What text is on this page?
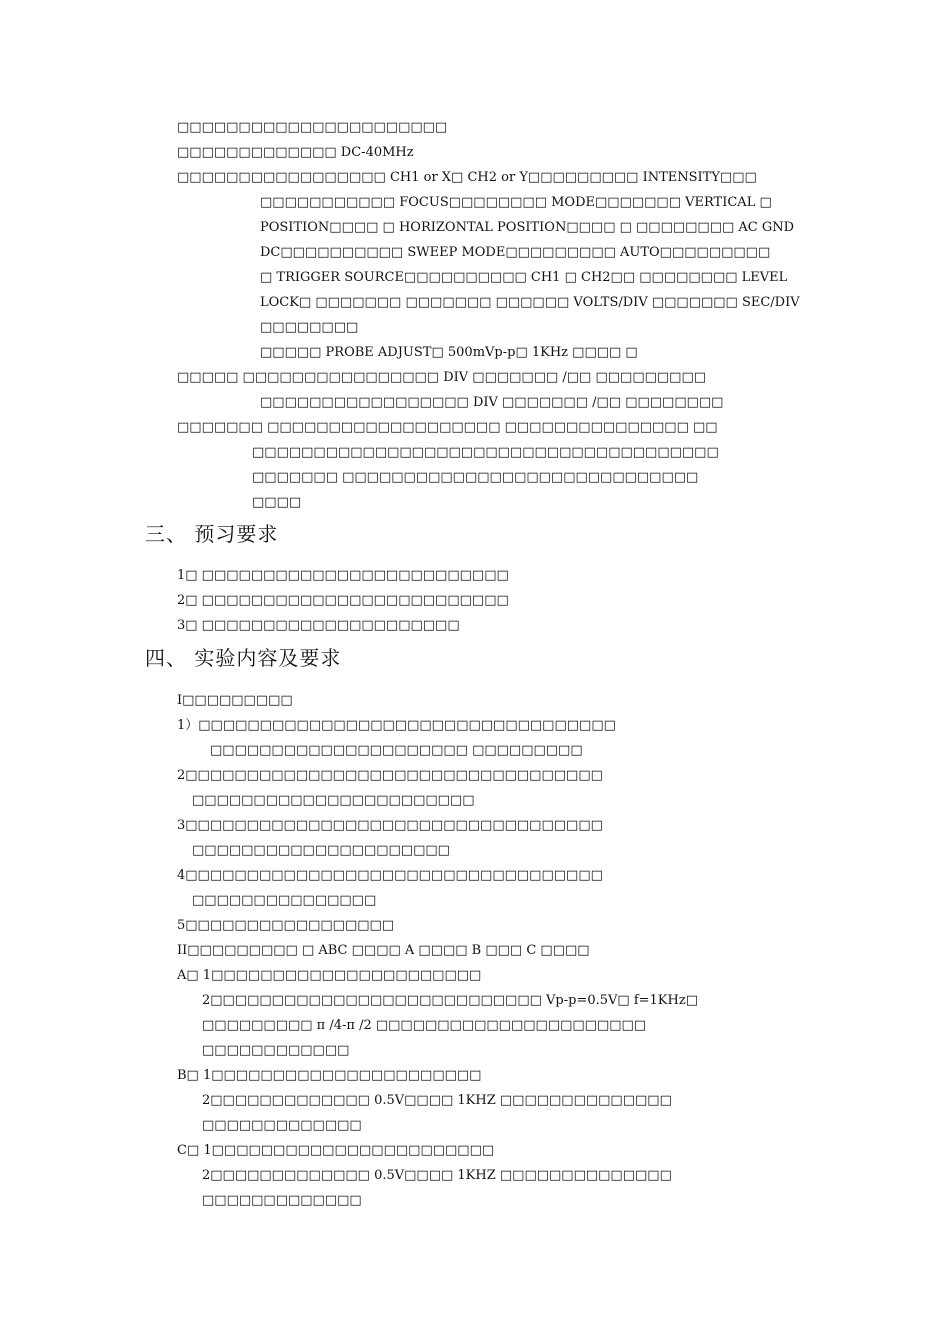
□□□□□□□□□□□□□□□□□□□□□□
□□□□□□□□□□□□□ DC-40MHz
□□□□□□□□□□□□□□□□□ CH1 or X□ CH2 or Y□□□□□□□□□ INTENSITY□□□
□□□□□□□□□□□ FOCUS□□□□□□□□ MODE□□□□□□□ VERTICAL □
POSITION□□□□ □ HORIZONTAL POSITION□□□□ □ □□□□□□□□ AC GND
DC□□□□□□□□□□ SWEEP MODE□□□□□□□□□ AUTO□□□□□□□□□
□ TRIGGER SOURCE□□□□□□□□□□ CH1 □ CH2□□ □□□□□□□□ LEVEL
LOCK□ □□□□□□□ □□□□□□□ □□□□□□ VOLTS/DIV □□□□□□□ SEC/DIV
□□□□□□□□
□□□□□ PROBE ADJUST□ 500mVp-p□ 1KHz □□□□ □
□□□□□ □□□□□□□□□□□□□□□□ DIV □□□□□□□ /□□ □□□□□□□□□
□□□□□□□□□□□□□□□□□ DIV □□□□□□□ /□□ □□□□□□□□
□□□□□□□ □□□□□□□□□□□□□□□□□□□ □□□□□□□□□□□□□□□ □□
□□□□□□□□□□□□□□□□□□□□□□□□□□□□□□□□□□□□□□
□□□□□□□ □□□□□□□□□□□□□□□□□□□□□□□□□□□□□
□□□□
三、 预习要求
1□ □□□□□□□□□□□□□□□□□□□□□□□□□
2□ □□□□□□□□□□□□□□□□□□□□□□□□□
3□ □□□□□□□□□□□□□□□□□□□□□
四、 实验内容及要求
I□□□□□□□□□
1）□□□□□□□□□□□□□□□□□□□□□□□□□□□□□□□□□□
□□□□□□□□□□□□□□□□□□□□□ □□□□□□□□□
2□□□□□□□□□□□□□□□□□□□□□□□□□□□□□□□□□□
□□□□□□□□□□□□□□□□□□□□□□□
3□□□□□□□□□□□□□□□□□□□□□□□□□□□□□□□□□□
□□□□□□□□□□□□□□□□□□□□□
4□□□□□□□□□□□□□□□□□□□□□□□□□□□□□□□□□□
□□□□□□□□□□□□□□□
5□□□□□□□□□□□□□□□□□
II□□□□□□□□□ □ ABC □□□□ A □□□□ B □□□ C □□□□
A□ 1□□□□□□□□□□□□□□□□□□□□□□
2□□□□□□□□□□□□□□□□□□□□□□□□□□□ Vp-p=0.5V□ f=1KHz□
□□□□□□□□□ π /4-π /2 □□□□□□□□□□□□□□□□□□□□□□
□□□□□□□□□□□□
B□ 1□□□□□□□□□□□□□□□□□□□□□□
2□□□□□□□□□□□□□ 0.5V□□□□ 1KHZ □□□□□□□□□□□□□□
□□□□□□□□□□□□□
C□ 1□□□□□□□□□□□□□□□□□□□□□□□
2□□□□□□□□□□□□□ 0.5V□□□□ 1KHZ □□□□□□□□□□□□□□
□□□□□□□□□□□□□
